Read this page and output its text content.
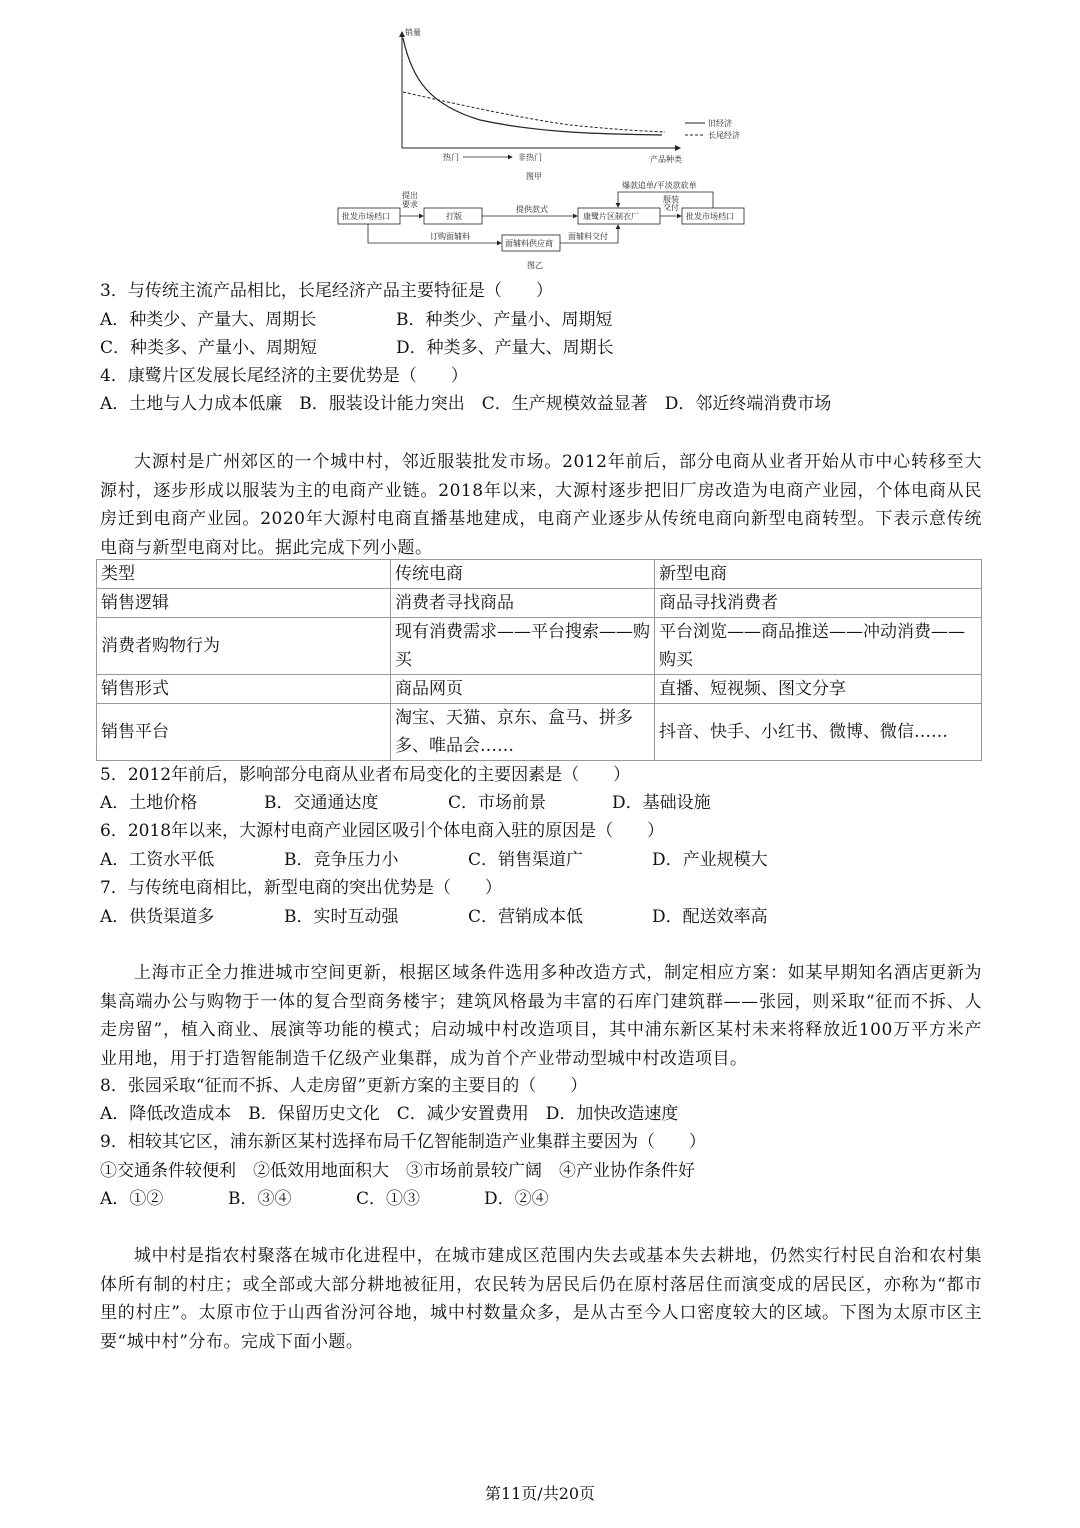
销量
热门	非热门	产品种类
旧经济
长尾经济
图甲
批发市场档口	打版	康鹭片区制衣厂	批发市场档口
面辅料供应商
提出
要求
提供款式
服装
交付
爆款追单/平淡款砍单
订购面辅料	面辅料交付
图乙
3．与传统主流产品相比，长尾经济产品主要特征是（　　）
A．种类少、产量大、周期长	B．种类少、产量小、周期短
C．种类多、产量小、周期短	D．种类多、产量大、周期长
4．康鹭片区发展长尾经济的主要优势是（　　）
A．土地与人力成本低廉　B．服装设计能力突出　C．生产规模效益显著　D．邻近终端消费市场
大源村是广州郊区的一个城中村，邻近服装批发市场。2012年前后，部分电商从业者开始从市中心转移至大源村，逐步形成以服装为主的电商产业链。2018年以来，大源村逐步把旧厂房改造为电商产业园，个体电商从民房迁到电商产业园。2020年大源村电商直播基地建成，电商产业逐步从传统电商向新型电商转型。下表示意传统电商与新型电商对比。据此完成下列小题。
类型	传统电商	新型电商
销售逻辑	消费者寻找商品	商品寻找消费者
消费者购物行为	现有消费需求——平台搜索——购买	平台浏览——商品推送——冲动消费——购买
销售形式	商品网页	直播、短视频、图文分享
销售平台	淘宝、天猫、京东、盒马、拼多多、唯品会……	抖音、快手、小红书、微博、微信……
5．2012年前后，影响部分电商从业者布局变化的主要因素是（　　）
A．土地价格	B．交通通达度	C．市场前景	D．基础设施
6．2018年以来，大源村电商产业园区吸引个体电商入驻的原因是（　　）
A．工资水平低	B．竞争压力小	C．销售渠道广	D．产业规模大
7．与传统电商相比，新型电商的突出优势是（　　）
A．供货渠道多	B．实时互动强	C．营销成本低	D．配送效率高
上海市正全力推进城市空间更新，根据区域条件选用多种改造方式，制定相应方案：如某早期知名酒店更新为集高端办公与购物于一体的复合型商务楼宇；建筑风格最为丰富的石库门建筑群——张园，则采取“征而不拆、人走房留”，植入商业、展演等功能的模式；启动城中村改造项目，其中浦东新区某村未来将释放近100万平方米产业用地，用于打造智能制造千亿级产业集群，成为首个产业带动型城中村改造项目。
8．张园采取“征而不拆、人走房留”更新方案的主要目的（　　）
A．降低改造成本　B．保留历史文化　C．减少安置费用　D．加快改造速度
9．相较其它区，浦东新区某村选择布局千亿智能制造产业集群主要因为（　　）
①交通条件较便利　②低效用地面积大　③市场前景较广阔　④产业协作条件好
A．①②	B．③④	C．①③	D．②④
城中村是指农村聚落在城市化进程中，在城市建成区范围内失去或基本失去耕地，仍然实行村民自治和农村集体所有制的村庄；或全部或大部分耕地被征用，农民转为居民后仍在原村落居住而演变成的居民区，亦称为“都市里的村庄”。太原市位于山西省汾河谷地，城中村数量众多，是从古至今人口密度较大的区域。下图为太原市区主要“城中村”分布。完成下面小题。
第11页/共20页
